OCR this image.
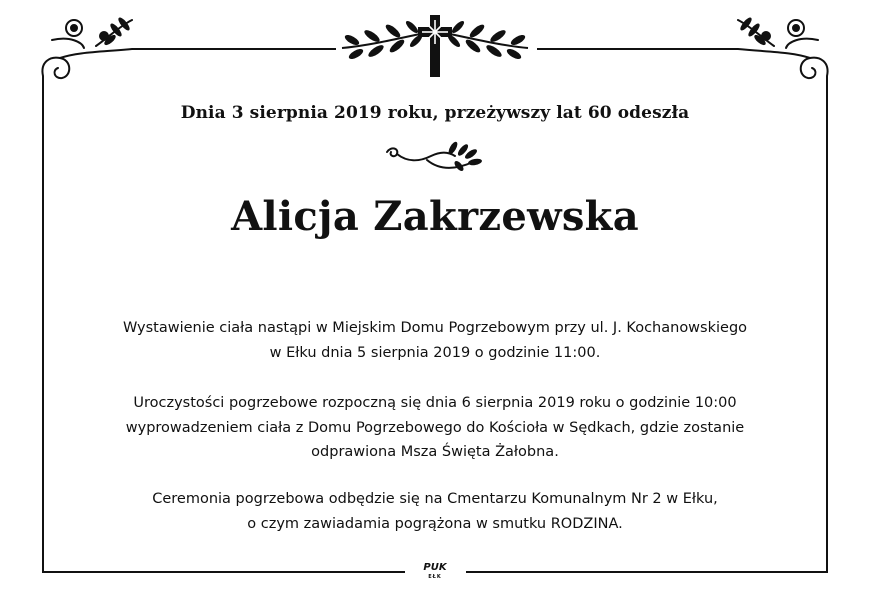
Dnia 3 sierpnia 2019 roku, przeżywszy lat 60 odeszła
Alicja Zakrzewska
Wystawienie ciała nastąpi w Miejskim Domu Pogrzebowym przy ul. J. Kochanowskiego
w Ełku dnia 5 sierpnia 2019 o godzinie 11:00.
Uroczystości pogrzebowe rozpoczną się dnia 6 sierpnia 2019 roku o godzinie 10:00
wyprowadzeniem ciała z Domu Pogrzebowego do Kościoła w Sędkach, gdzie zostanie
odprawiona Msza Święta Żałobna.
Ceremonia pogrzebowa odbędzie się na Cmentarzu Komunalnym Nr 2 w Ełku,
o czym zawiadamia pogrążona w smutku RODZINA.
PUK
EŁK
